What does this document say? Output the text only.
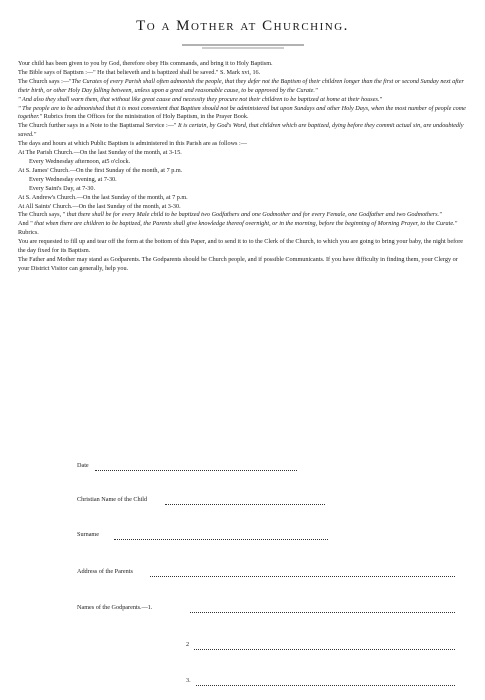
To a Mother at Churching.

Your child has been given to you by God, therefore obey His commands, and bring it to Holy Baptism.

The Bible says of Baptism :—" He that believeth and is baptized shall be saved." S. Mark xvi, 16.

The Church says :—"The Curates of every Parish shall often admonish the people, that they defer not the Baptism of their children longer than the first or second Sunday next after their birth, or other Holy Day falling between, unless upon a great and reasonable cause, to be approved by the Curate."

" And also they shall warn them, that without like great cause and necessity they procure not their children to be baptized at home at their houses."

" The people are to be admonished that it is most convenient that Baptism should not be administered but upon Sundays and other Holy Days, when the most number of people come together." Rubrics from the Offices for the ministration of Holy Baptism, in the Prayer Book.

The Church further says in a Note to the Baptismal Service :—" It is certain, by God's Word, that children which are baptized, dying before they commit actual sin, are undoubtedly saved."

The days and hours at which Public Baptism is administered in this Parish are as follows :—

At The Parish Church.—On the last Sunday of the month, at 3-15.

Every Wednesday afternoon, at5 o'clock.

At S. James' Church.—On the first Sunday of the month, at 7 p.m.

Every Wednesday evening, at 7-30.

Every Saint's Day, at 7-30.

At S. Andrew's Church.—On the last Sunday of the month, at 7 p.m.

At All Saints' Church.—On the last Sunday of the month, at 3-30.

The Church says, " that there shall be for every Male child to be baptized two Godfathers and one Godmother and for every Female, one Godfather and two Godmothers."

And " that when there are children to be baptized, the Parents shall give knowledge thereof overnight, or in the morning, before the beginning of Morning Prayer, to the Curate." Rubrics.

You are requested to fill up and tear off the form at the bottom of this Paper, and to send it to to the Clerk of the Church, to which you are going to bring your baby, the night before the day fixed for its Baptism.

The Father and Mother may stand as Godparents. The Godparents should be Church people, and if possible Communicants. If you have difficulty in finding them, your Clergy or your District Visitor can generally, help you.

Date
Christian Name of the Child
Surname
Address of the Parents
Names of the Godparents.—1.
2
3.
